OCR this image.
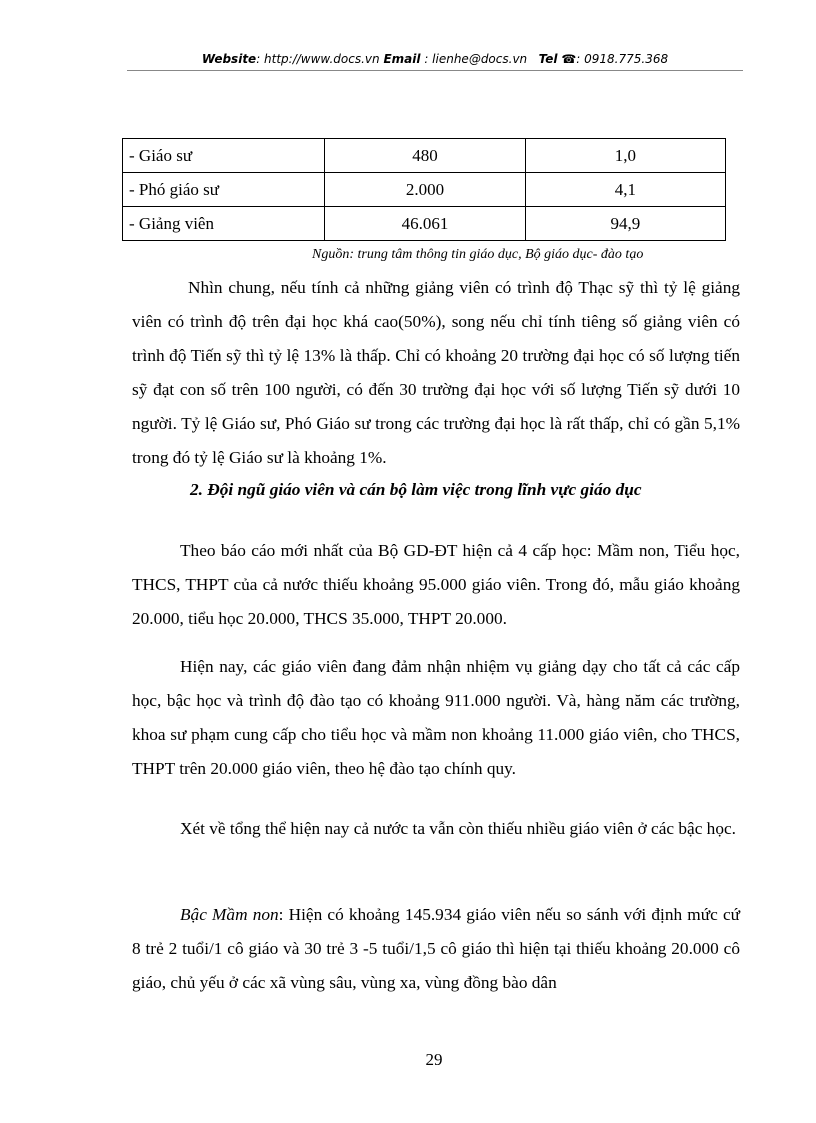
Website: http://www.docs.vn Email : lienhe@docs.vn Tel ☎: 0918.775.368
- Giáo sư	480	1,0
- Phó giáo sư	2.000	4,1
- Giảng viên	46.061	94,9
Nguồn: trung tâm thông tin giáo dục, Bộ giáo dục- đào tạo

Nhìn chung, nếu tính cả những giảng viên có trình độ Thạc sỹ thì tỷ lệ giảng viên có trình độ trên đại học khá cao(50%), song nếu chỉ tính tiêng số giảng viên có trình độ Tiến sỹ thì tỷ lệ 13% là thấp. Chỉ có khoảng 20 trường đại học có số lượng tiến sỹ đạt con số trên 100 người, có đến 30 trường đại học với số lượng Tiến sỹ dưới 10 người. Tỷ lệ Giáo sư, Phó Giáo sư trong các trường đại học là rất thấp, chỉ có gần 5,1% trong đó tỷ lệ Giáo sư là khoảng 1%.

2. Đội ngũ giáo viên và cán bộ làm việc trong lĩnh vực giáo dục

Theo báo cáo mới nhất của Bộ GD-ĐT hiện cả 4 cấp học: Mầm non, Tiểu học, THCS, THPT của cả nước thiếu khoảng 95.000 giáo viên. Trong đó, mẫu giáo khoảng 20.000, tiểu học 20.000, THCS 35.000, THPT 20.000.

Hiện nay, các giáo viên đang đảm nhận nhiệm vụ giảng dạy cho tất cả các cấp học, bậc học và trình độ đào tạo có khoảng 911.000 người. Và, hàng năm các trường, khoa sư phạm cung cấp cho tiểu học và mầm non khoảng 11.000 giáo viên, cho THCS, THPT trên 20.000 giáo viên, theo hệ đào tạo chính quy.

Xét về tổng thể hiện nay cả nước ta vẫn còn thiếu nhiều giáo viên ở các bậc học.

Bậc Mầm non: Hiện có khoảng 145.934 giáo viên nếu so sánh với định mức cứ 8 trẻ 2 tuổi/1 cô giáo và 30 trẻ 3 -5 tuổi/1,5 cô giáo thì hiện tại thiếu khoảng 20.000 cô giáo, chủ yếu ở các xã vùng sâu, vùng xa, vùng đồng bào dân

29
